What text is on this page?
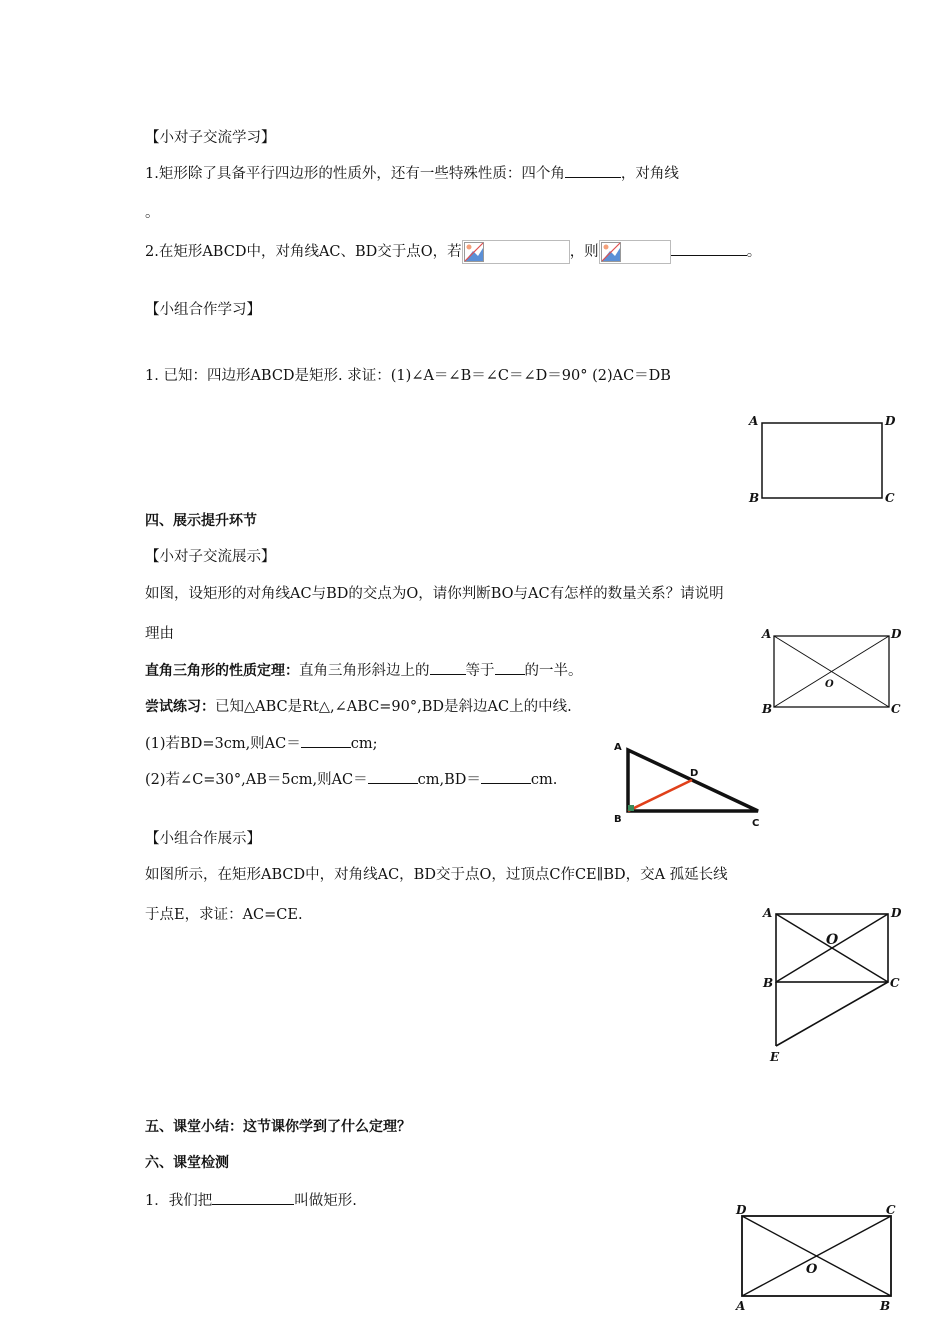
【小对子交流学习】
1.矩形除了具备平行四边形的性质外，还有一些特殊性质：四个角	，对角线
。
2.在矩形ABCD中，对角线AC、BD交于点O，若	，则	。
【小组合作学习】
1. 已知：四边形ABCD是矩形. 求证：(1)∠A＝∠B＝∠C＝∠D＝90° (2)AC＝DB
A	D
B	C
四、展示提升环节
【小对子交流展示】
如图，设矩形的对角线AC与BD的交点为O，请你判断BO与AC有怎样的数量关系？请说明
理由
直角三角形的性质定理：直角三角形斜边上的 等于 的一半。
尝试练习：已知△ABC是Rt△,∠ABC=90°,BD是斜边AC上的中线.
(1)若BD=3cm,则AC＝	cm;
(2)若∠C=30°,AB＝5cm,则AC＝	cm,BD＝	cm.
A	D
B	C
O
A
D
B	C
【小组合作展示】
如图所示，在矩形ABCD中，对角线AC，BD交于点O，过顶点C作CE∥BD，交A 孤延长线
于点E，求证：AC=CE.	A	D
O
B	C
E
五、课堂小结：这节课你学到了什么定理？
六、课堂检测
1．我们把	叫做矩形.
D	C
O
A	B
